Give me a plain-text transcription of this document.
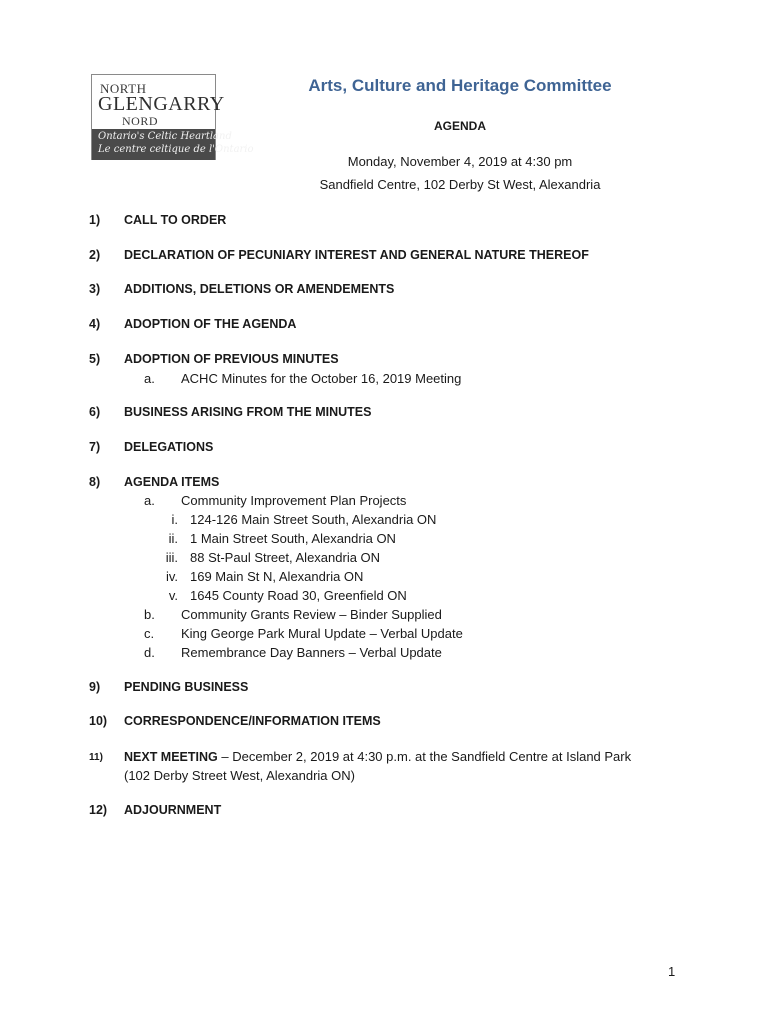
NORTH
GLENGARRY
NORD
Ontario's Celtic Heartland
Le centre celtique de l'Ontario
Arts, Culture and Heritage Committee
AGENDA
Monday, November 4, 2019 at 4:30 pm
Sandfield Centre, 102 Derby St West, Alexandria
1) CALL TO ORDER
2) DECLARATION OF PECUNIARY INTEREST AND GENERAL NATURE THEREOF
3) ADDITIONS, DELETIONS OR AMENDEMENTS
4) ADOPTION OF THE AGENDA
5) ADOPTION OF PREVIOUS MINUTES
a. ACHC Minutes for the October 16, 2019 Meeting
6) BUSINESS ARISING FROM THE MINUTES
7) DELEGATIONS
8) AGENDA ITEMS
a. Community Improvement Plan Projects
i. 124-126 Main Street South, Alexandria ON
ii. 1 Main Street South, Alexandria ON
iii. 88 St-Paul Street, Alexandria ON
iv. 169 Main St N, Alexandria ON
v. 1645 County Road 30, Greenfield ON
b. Community Grants Review – Binder Supplied
c. King George Park Mural Update – Verbal Update
d. Remembrance Day Banners – Verbal Update
9) PENDING BUSINESS
10) CORRESPONDENCE/INFORMATION ITEMS
11) NEXT MEETING – December 2, 2019 at 4:30 p.m. at the Sandfield Centre at Island Park
(102 Derby Street West, Alexandria ON)
12) ADJOURNMENT
1
